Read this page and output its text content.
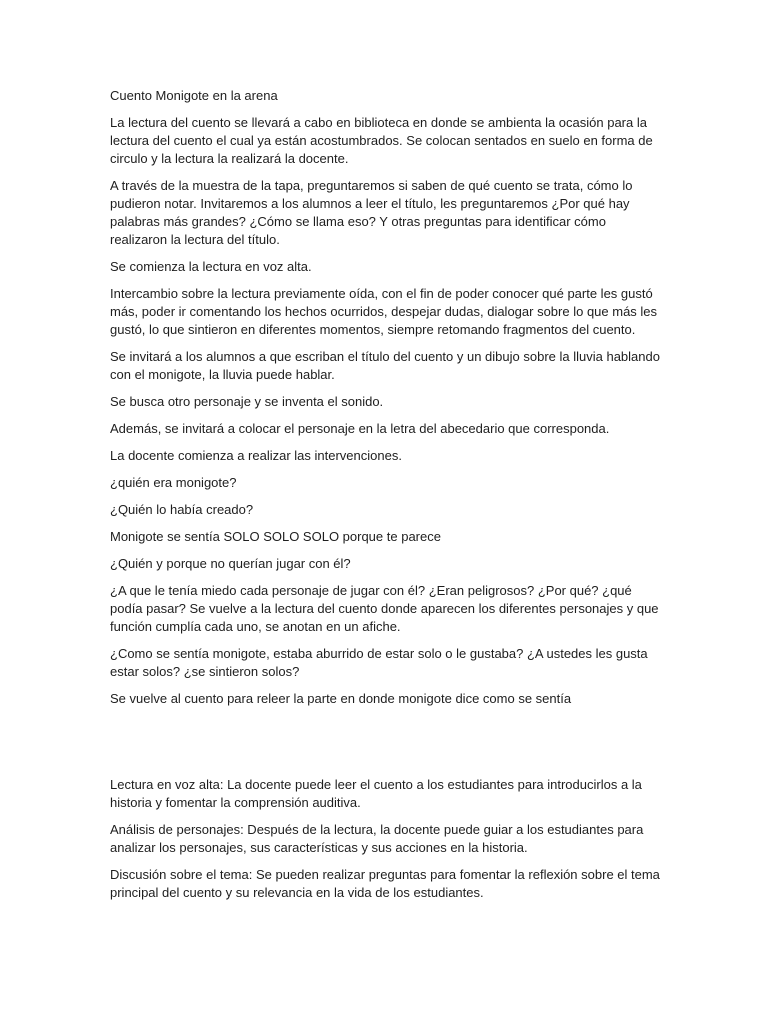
Cuento Monigote en la arena

La lectura del cuento se llevará a cabo en biblioteca en donde se ambienta la ocasión para la lectura del cuento el cual ya están acostumbrados. Se colocan sentados en suelo en forma de circulo y la lectura la realizará la docente.

A través de la muestra de la tapa, preguntaremos si saben de qué cuento se trata, cómo lo pudieron notar. Invitaremos a los alumnos a leer el título, les preguntaremos ¿Por qué hay palabras más grandes? ¿Cómo se llama eso? Y otras preguntas para identificar cómo realizaron la lectura del título.

Se comienza la lectura en voz alta.

Intercambio sobre la lectura previamente oída, con el fin de poder conocer qué parte les gustó más, poder ir comentando los hechos ocurridos, despejar dudas, dialogar sobre lo que más les gustó, lo que sintieron en diferentes momentos, siempre retomando fragmentos del cuento.

Se invitará a los alumnos a que escriban el título del cuento y un dibujo sobre la lluvia hablando con el monigote, la lluvia puede hablar.

Se busca otro personaje y se inventa el sonido.

Además, se invitará a colocar el personaje en la letra del abecedario que corresponda.

La docente comienza a realizar las intervenciones.

¿quién era monigote?

¿Quién lo había creado?

Monigote se sentía SOLO SOLO SOLO porque te parece

¿Quién y porque no querían jugar con él?

¿A que le tenía miedo cada personaje de jugar con él? ¿Eran peligrosos? ¿Por qué? ¿qué podía pasar? Se vuelve a la lectura del cuento donde aparecen los diferentes personajes y que función cumplía cada uno, se anotan en un afiche.

¿Como se sentía monigote, estaba aburrido de estar solo o le gustaba? ¿A ustedes les gusta estar solos? ¿se sintieron solos?

Se vuelve al cuento para releer la parte en donde monigote dice como se sentía

Lectura en voz alta: La docente puede leer el cuento a los estudiantes para introducirlos a la historia y fomentar la comprensión auditiva.

Análisis de personajes: Después de la lectura, la docente puede guiar a los estudiantes para analizar los personajes, sus características y sus acciones en la historia.

Discusión sobre el tema: Se pueden realizar preguntas para fomentar la reflexión sobre el tema principal del cuento y su relevancia en la vida de los estudiantes.
